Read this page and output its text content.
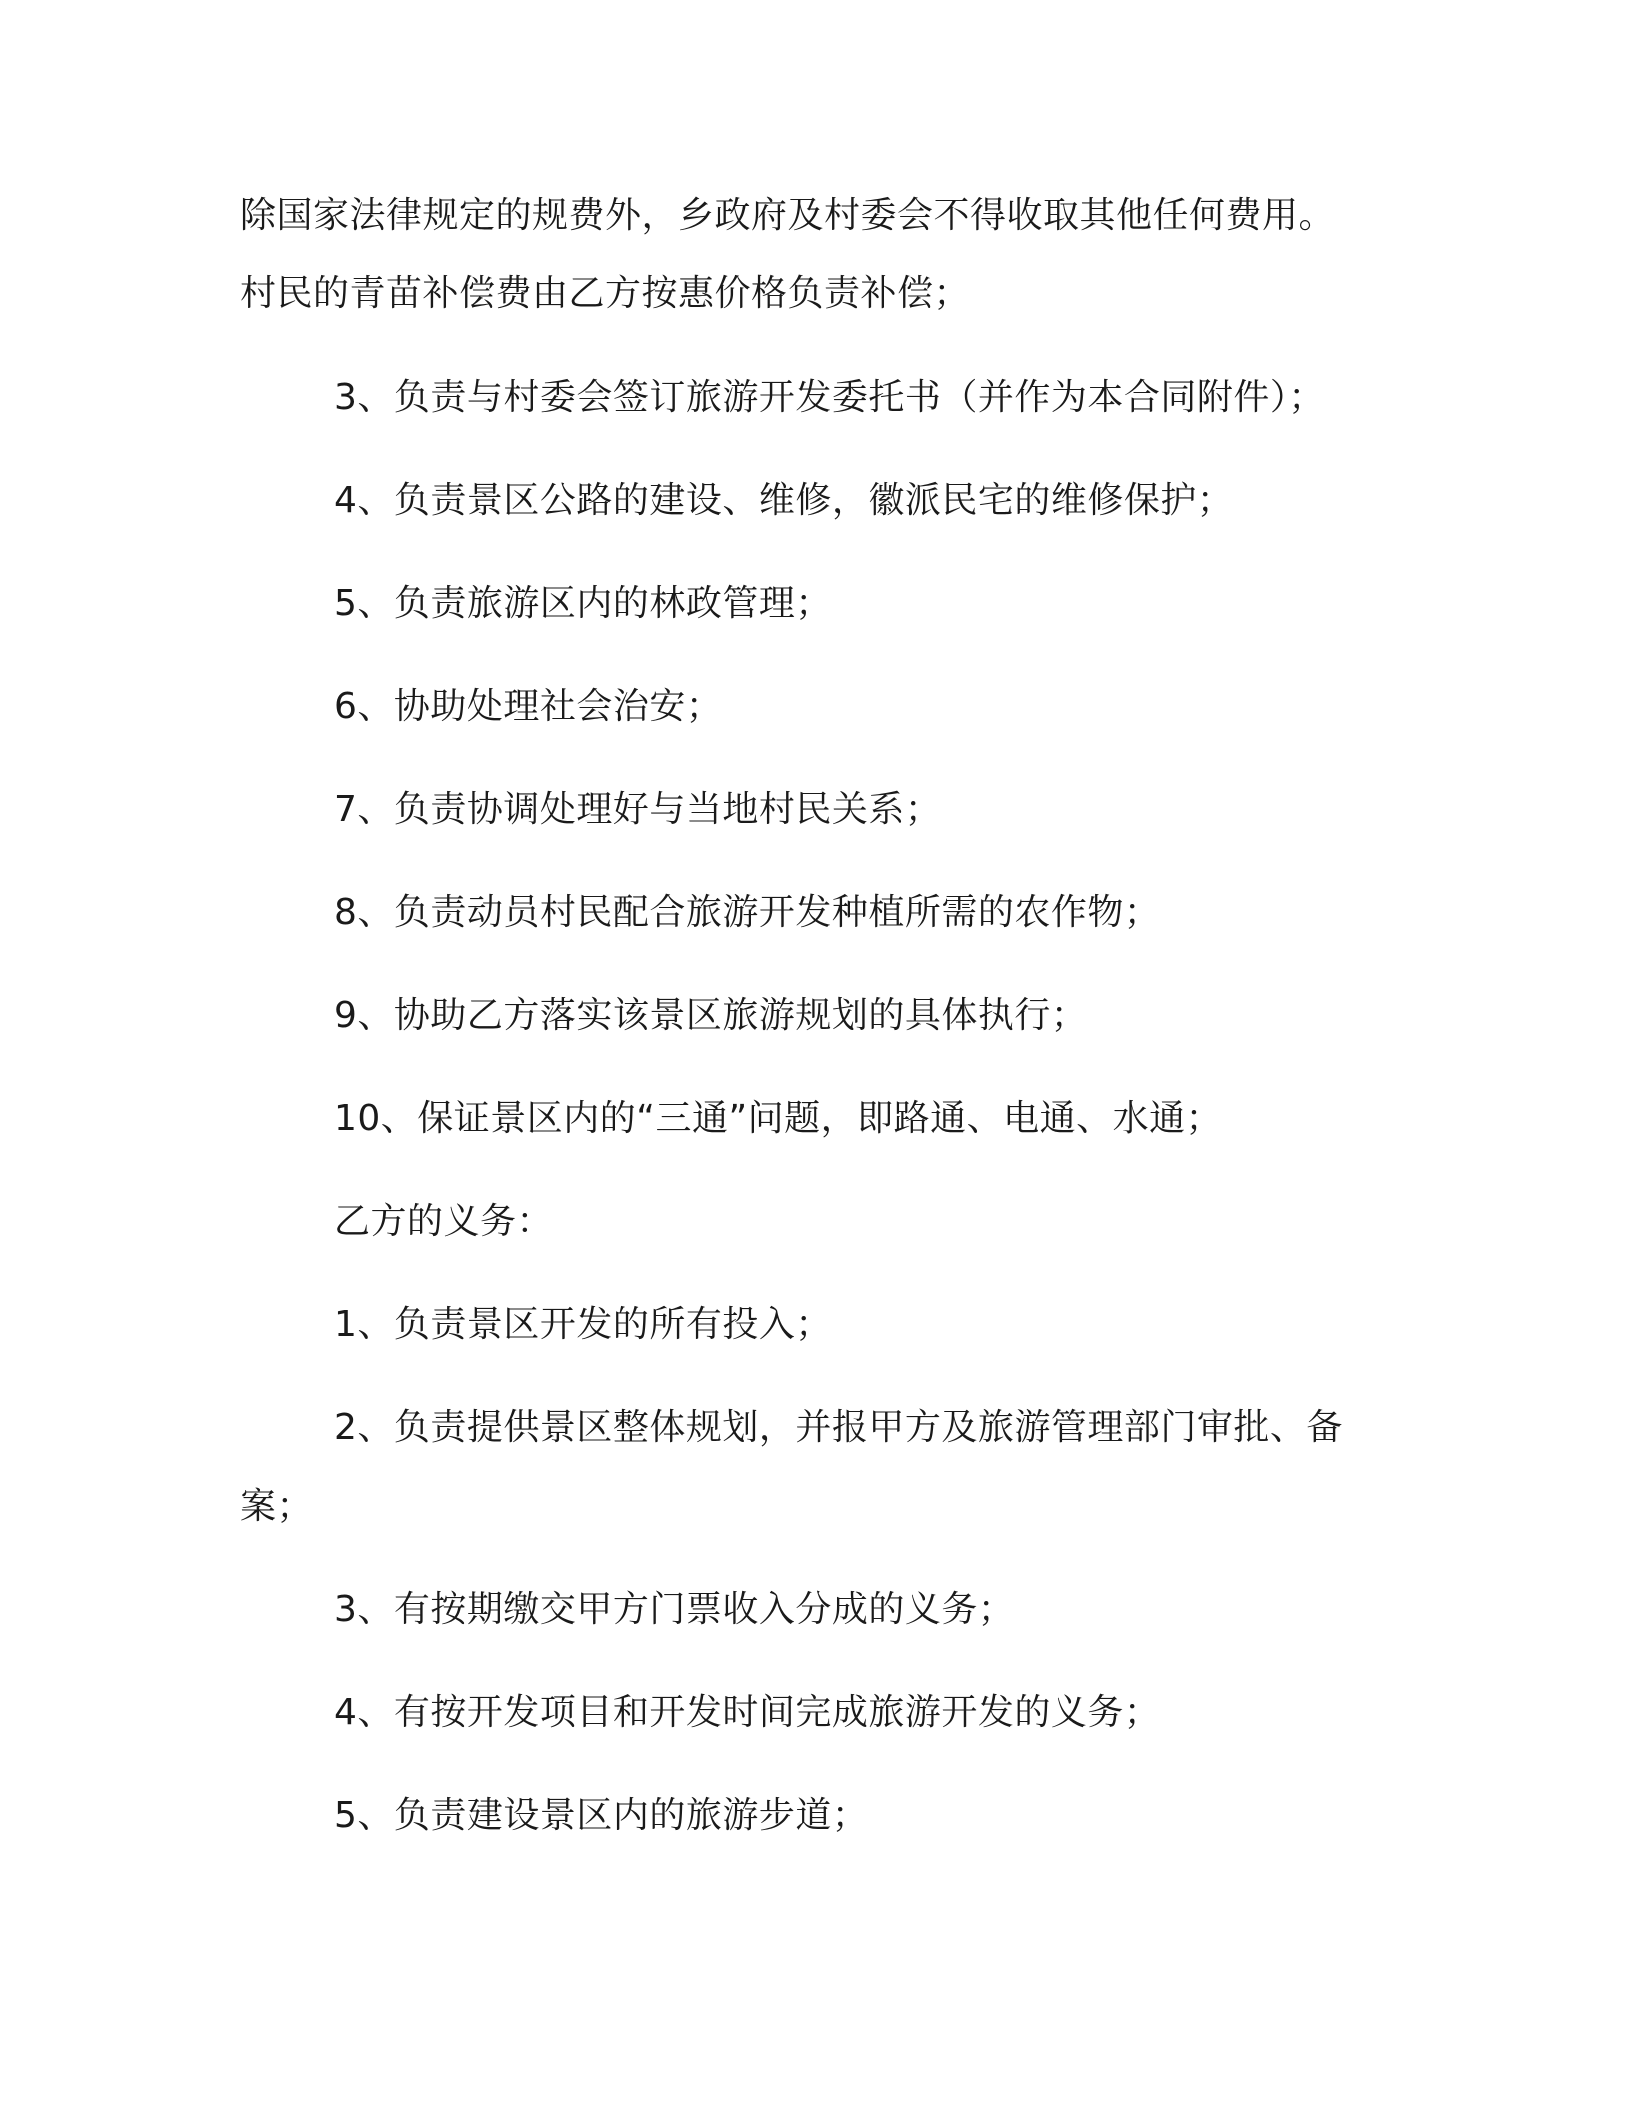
除国家法律规定的规费外，乡政府及村委会不得收取其他任何费用。
村民的青苗补偿费由乙方按惠价格负责补偿；
3、负责与村委会签订旅游开发委托书（并作为本合同附件）；
4、负责景区公路的建设、维修，徽派民宅的维修保护；
5、负责旅游区内的林政管理；
6、协助处理社会治安；
7、负责协调处理好与当地村民关系；
8、负责动员村民配合旅游开发种植所需的农作物；
9、协助乙方落实该景区旅游规划的具体执行；
10、保证景区内的“三通”问题，即路通、电通、水通；
乙方的义务：
1、负责景区开发的所有投入；
2、负责提供景区整体规划，并报甲方及旅游管理部门审批、备
案；
3、有按期缴交甲方门票收入分成的义务；
4、有按开发项目和开发时间完成旅游开发的义务；
5、负责建设景区内的旅游步道；
